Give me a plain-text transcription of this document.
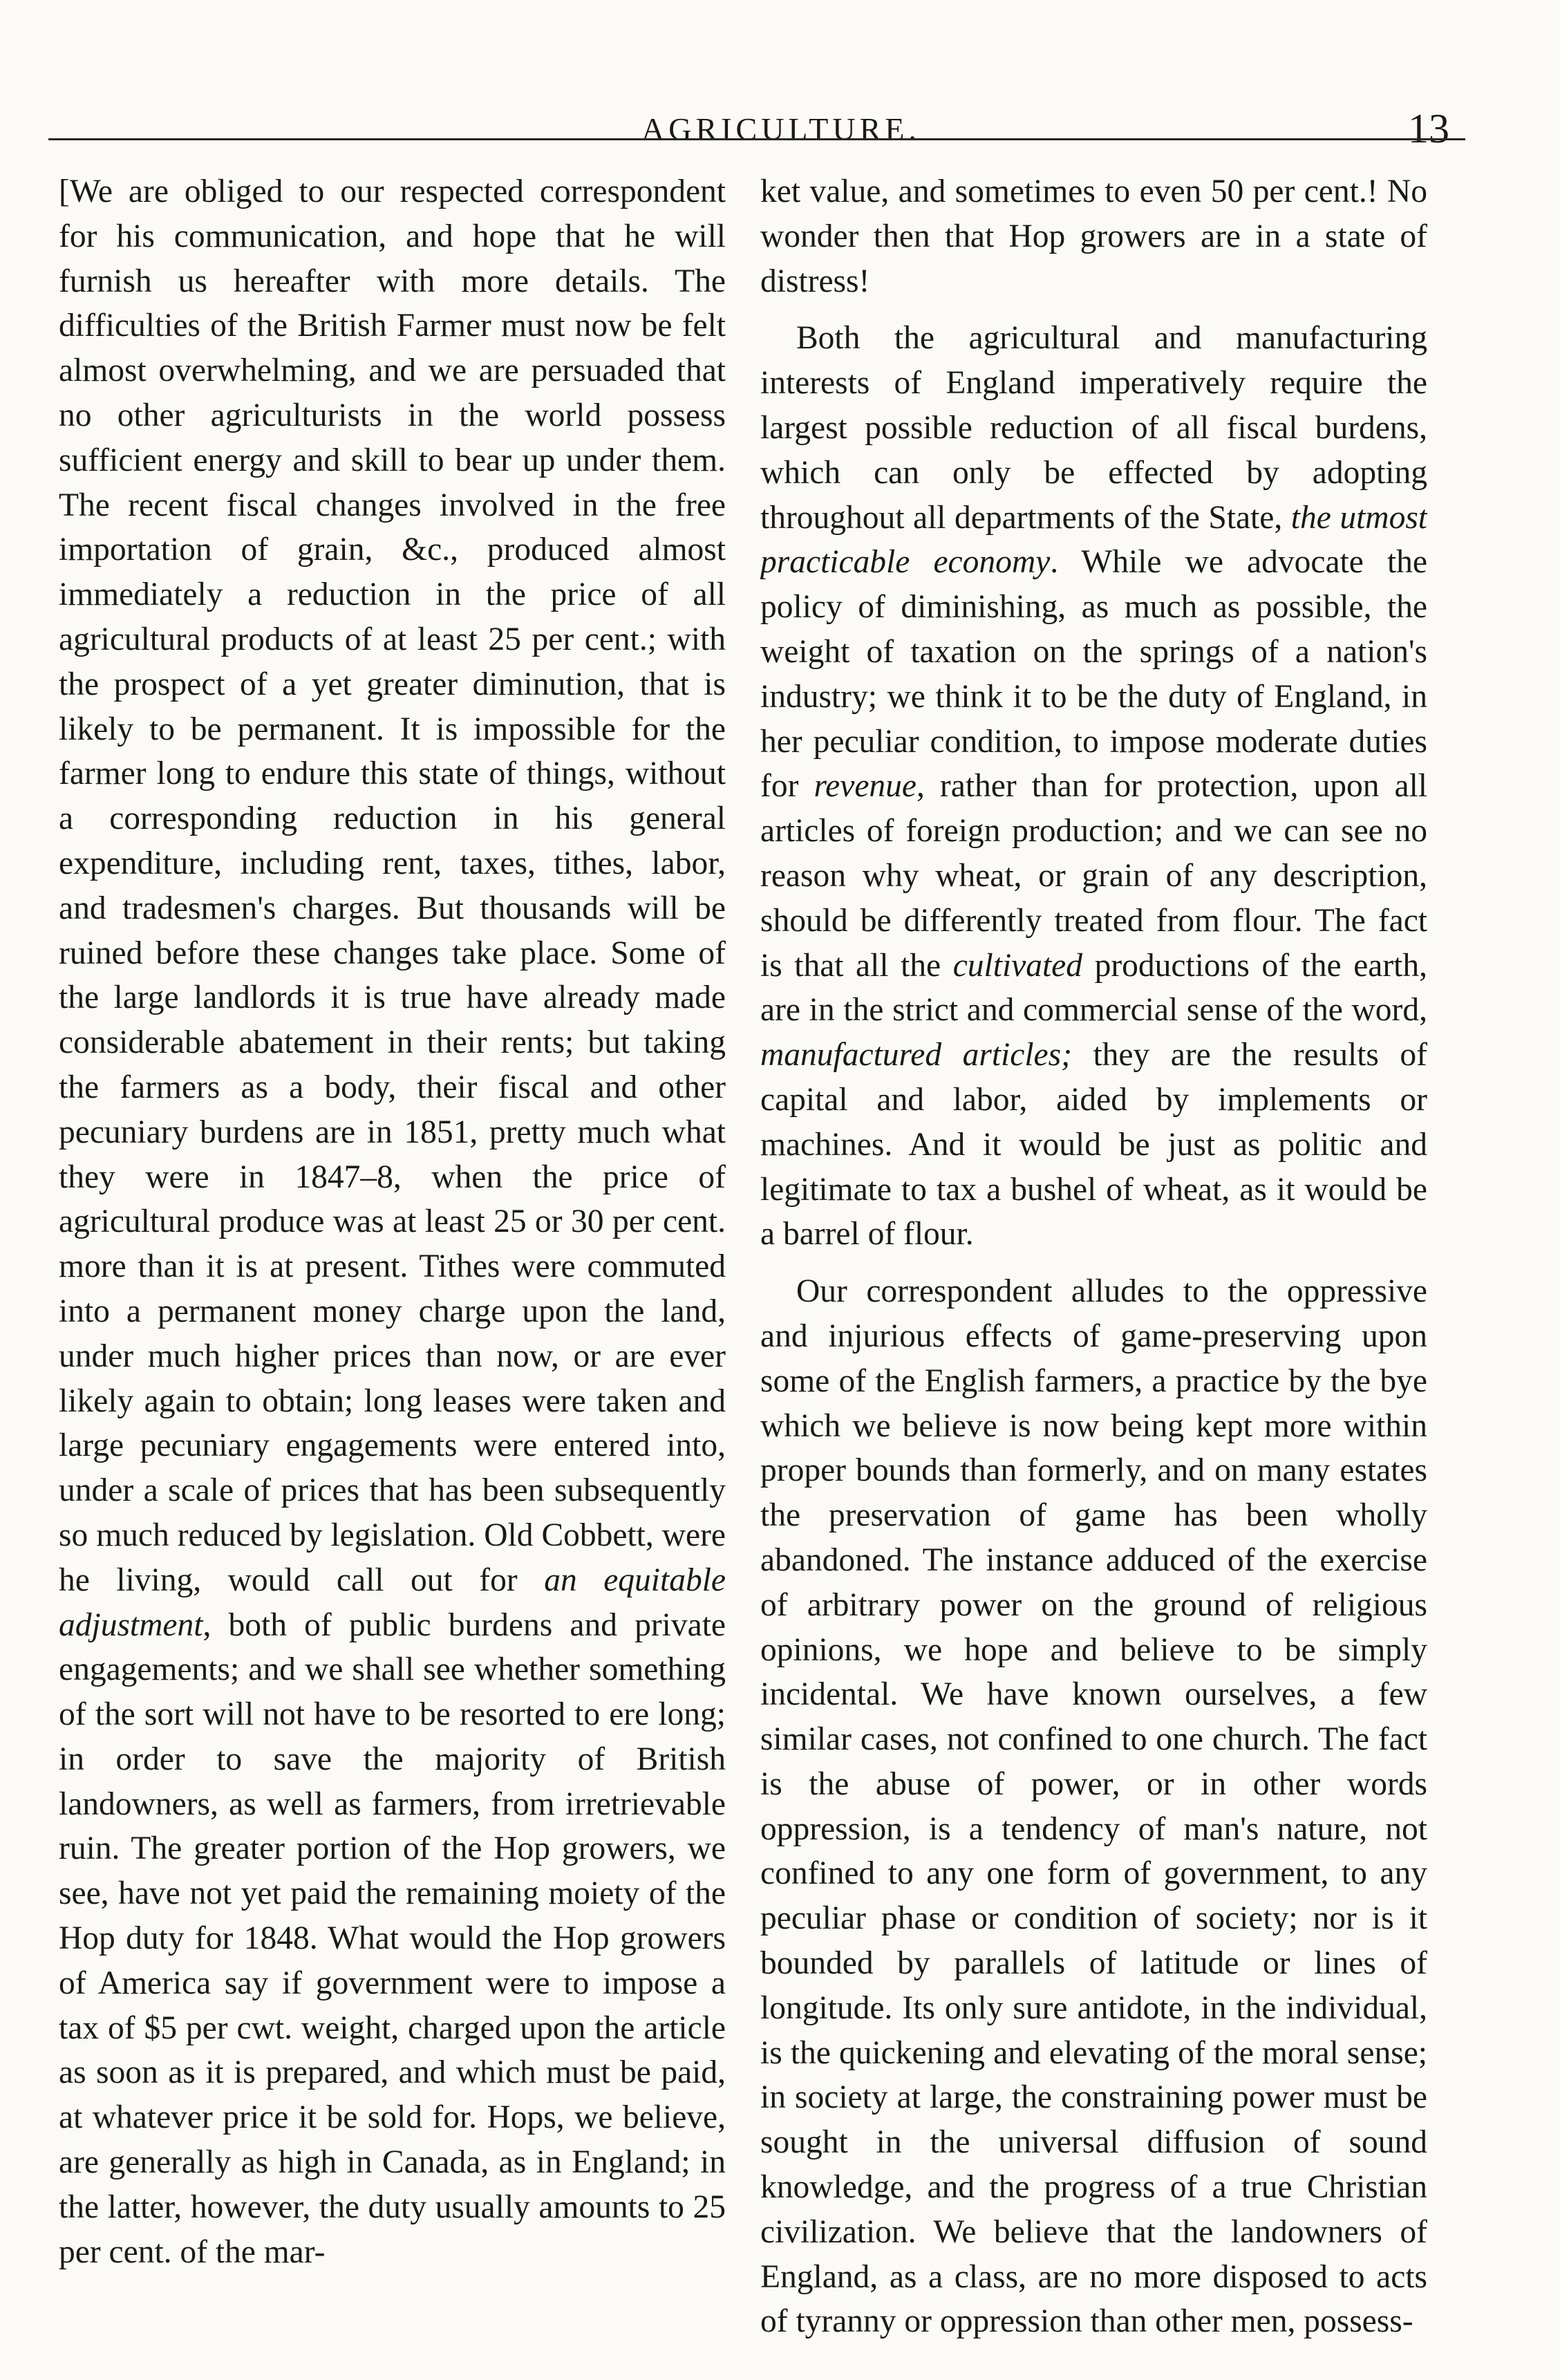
AGRICULTURE.	13

[We are obliged to our respected correspondent for his communication, and hope that he will furnish us hereafter with more details. The difficulties of the British Farmer must now be felt almost overwhelming, and we are persuaded that no other agriculturists in the world possess sufficient energy and skill to bear up under them. The recent fiscal changes involved in the free importation of grain, &c., produced almost immediately a reduction in the price of all agricultural products of at least 25 per cent.; with the prospect of a yet greater diminution, that is likely to be permanent. It is impossible for the farmer long to endure this state of things, without a corresponding reduction in his general expenditure, including rent, taxes, tithes, labor, and tradesmen's charges. But thousands will be ruined before these changes take place. Some of the large landlords it is true have already made considerable abatement in their rents; but taking the farmers as a body, their fiscal and other pecuniary burdens are in 1851, pretty much what they were in 1847–8, when the price of agricultural produce was at least 25 or 30 per cent. more than it is at present. Tithes were commuted into a permanent money charge upon the land, under much higher prices than now, or are ever likely again to obtain; long leases were taken and large pecuniary engagements were entered into, under a scale of prices that has been subsequently so much reduced by legislation. Old Cobbett, were he living, would call out for an equitable adjustment, both of public burdens and private engagements; and we shall see whether something of the sort will not have to be resorted to ere long; in order to save the majority of British landowners, as well as farmers, from irretrievable ruin. The greater portion of the Hop growers, we see, have not yet paid the remaining moiety of the Hop duty for 1848. What would the Hop growers of America say if government were to impose a tax of $5 per cwt. weight, charged upon the article as soon as it is prepared, and which must be paid, at whatever price it be sold for. Hops, we believe, are generally as high in Canada, as in England; in the latter, however, the duty usually amounts to 25 per cent. of the mar-

ket value, and sometimes to even 50 per cent.! No wonder then that Hop growers are in a state of distress!

Both the agricultural and manufacturing interests of England imperatively require the largest possible reduction of all fiscal burdens, which can only be effected by adopting throughout all departments of the State, the utmost practicable economy. While we advocate the policy of diminishing, as much as possible, the weight of taxation on the springs of a nation's industry; we think it to be the duty of England, in her peculiar condition, to impose moderate duties for revenue, rather than for protection, upon all articles of foreign production; and we can see no reason why wheat, or grain of any description, should be differently treated from flour. The fact is that all the cultivated productions of the earth, are in the strict and commercial sense of the word, manufactured articles; they are the results of capital and labor, aided by implements or machines. And it would be just as politic and legitimate to tax a bushel of wheat, as it would be a barrel of flour.

Our correspondent alludes to the oppressive and injurious effects of game-preserving upon some of the English farmers, a practice by the bye which we believe is now being kept more within proper bounds than formerly, and on many estates the preservation of game has been wholly abandoned. The instance adduced of the exercise of arbitrary power on the ground of religious opinions, we hope and believe to be simply incidental. We have known ourselves, a few similar cases, not confined to one church. The fact is the abuse of power, or in other words oppression, is a tendency of man's nature, not confined to any one form of government, to any peculiar phase or condition of society; nor is it bounded by parallels of latitude or lines of longitude. Its only sure antidote, in the individual, is the quickening and elevating of the moral sense; in society at large, the constraining power must be sought in the universal diffusion of sound knowledge, and the progress of a true Christian civilization. We believe that the landowners of England, as a class, are no more disposed to acts of tyranny or oppression than other men, possess-
